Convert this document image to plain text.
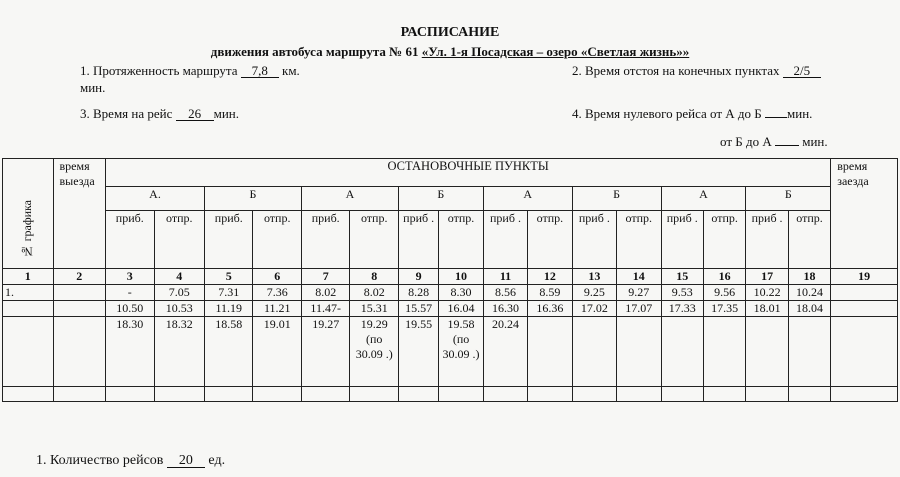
РАСПИСАНИЕ
движения автобуса маршрута № 61 «Ул. 1-я Посадская – озеро «Светлая жизнь»»
1. Протяженность маршрута 7,8 км.	2. Время отстоя на конечных пунктах 2/5
мин.
3. Время на рейс 26 мин.	4. Время нулевого рейса от А до Б мин.
от Б до А мин.
№ графика	время выезда	ОСТАНОВОЧНЫЕ ПУНКТЫ																время заезда
		А.		Б		А		Б		А		Б		А		Б		
		приб.	отпр.	приб.	отпр.	приб.	отпр.	приб .	отпр.	приб .	отпр.	приб .	отпр.	приб .	отпр.	приб .	отпр.	
1	2	3	4	5	6	7	8	9	10	11	12	13	14	15	16	17	18	19
1.		-	7.05	7.31	7.36	8.02	8.02	8.28	8.30	8.56	8.59	9.25	9.27	9.53	9.56	10.22	10.24	
		10.50	10.53	11.19	11.21	11.47-	15.31	15.57	16.04	16.30	16.36	17.02	17.07	17.33	17.35	18.01	18.04	
		18.30	18.32	18.58	19.01	19.27	19.29 (по 30.09 .)	19.55	19.58 (по 30.09 .)	20.24								

1. Количество рейсов 20 ед.
